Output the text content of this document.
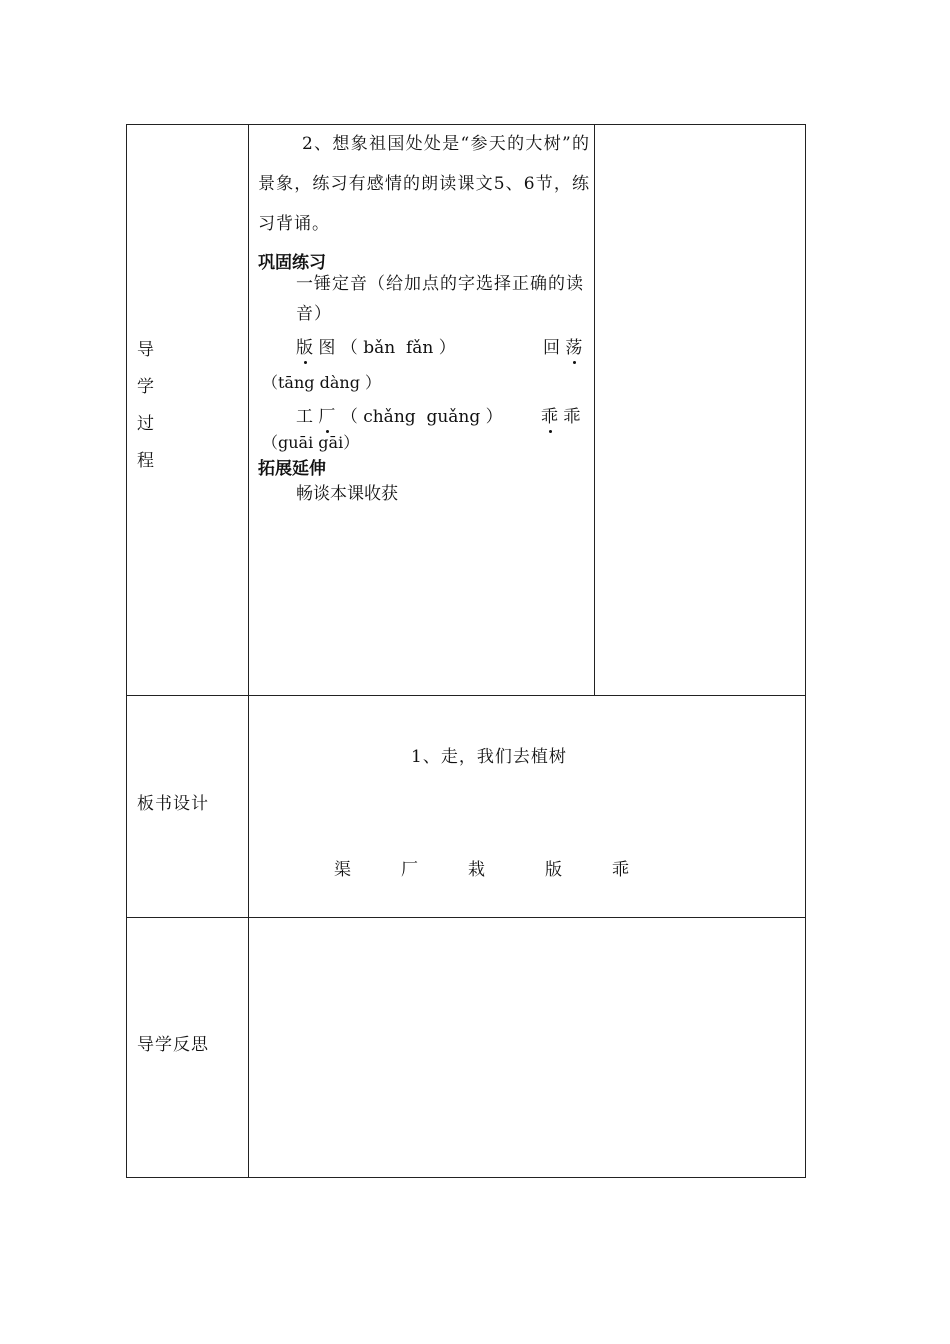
导
学
过
程
2、想象祖国处处是“参天的大树”的景象，练习有感情的朗读课文5、6节，练习背诵。
巩固练习
一锤定音（给加点的字选择正确的读音）
版 图 （ bǎn  fǎn ）	回 荡
（tāng dàng ）
工 厂 （ chǎng  guǎng ） 乖 乖
（guāi gāi）
拓展延伸
畅谈本课收获
板书设计
1、走，我们去植树
渠	厂	栽	版	乖
导学反思
